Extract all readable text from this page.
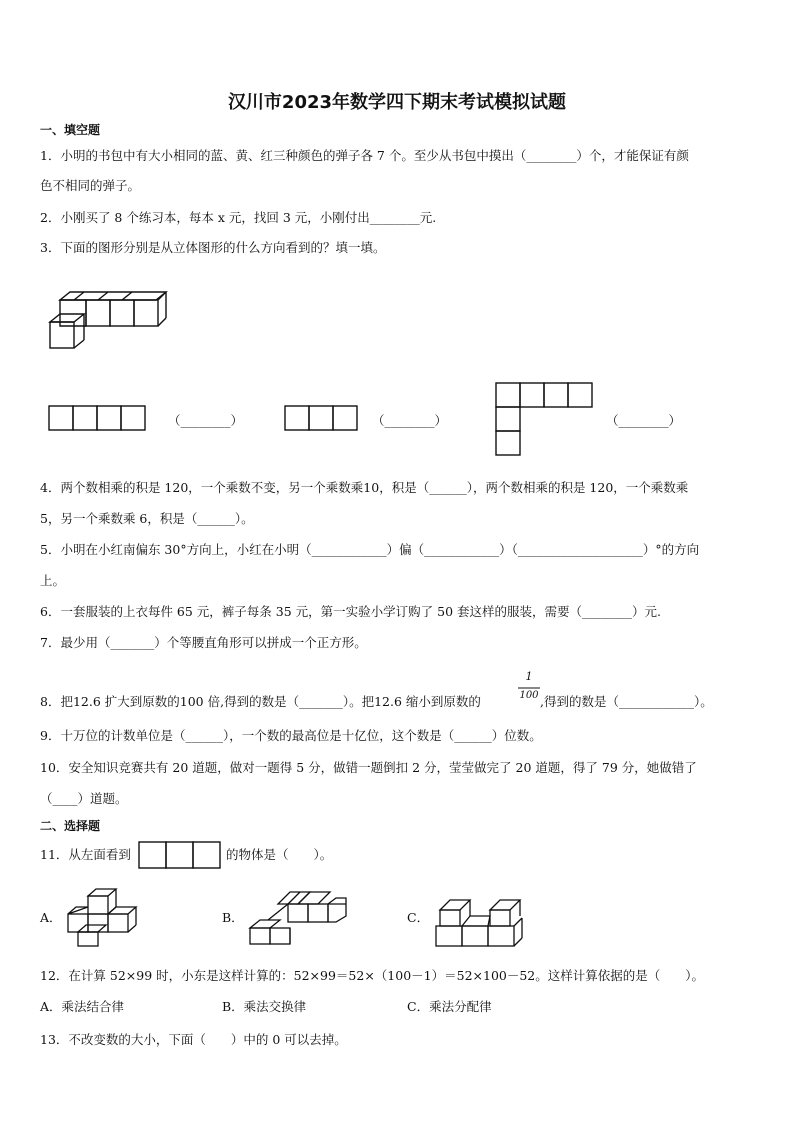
汉川市2023年数学四下期末考试模拟试题
一、填空题
1．小明的书包中有大小相同的蓝、黄、红三种颜色的弹子各 7 个。至少从书包中摸出（________）个，才能保证有颜
色不相同的弹子。
2．小刚买了 8 个练习本，每本 x 元，找回 3 元，小刚付出________元.
3．下面的图形分别是从立体图形的什么方向看到的？填一填。
（________）	（________）	（________）
4．两个数相乘的积是 120，一个乘数不变，另一个乘数乘10，积是（______），两个数相乘的积是 120，一个乘数乘
5，另一个乘数乘 6，积是（______）。
5．小明在小红南偏东 30°方向上，小红在小明（____________）偏（____________）（____________________）°的方向
上。
6．一套服装的上衣每件 65 元，裤子每条 35 元，第一实验小学订购了 50 套这样的服装，需要（________）元.
7．最少用（_______）个等腰直角形可以拼成一个正方形。
8．把12.6 扩大到原数的100 倍,得到的数是（_______）。把12.6 缩小到原数的
1
100 ,得到的数是（____________）。
9．十万位的计数单位是（______），一个数的最高位是十亿位，这个数是（______）位数。
10．安全知识竞赛共有 20 道题，做对一题得 5 分，做错一题倒扣 2 分，莹莹做完了 20 道题，得了 79 分，她做错了
（____）道题。
二、选择题
11．从左面看到	的物体是（　　）。
A．	B．	C．
12．在计算 52×99 时，小东是这样计算的：52×99＝52×（100－1）＝52×100－52。这样计算依据的是（　　）。
A．乘法结合律	B．乘法交换律	C．乘法分配律
13．不改变数的大小，下面（　　）中的 0 可以去掉。
